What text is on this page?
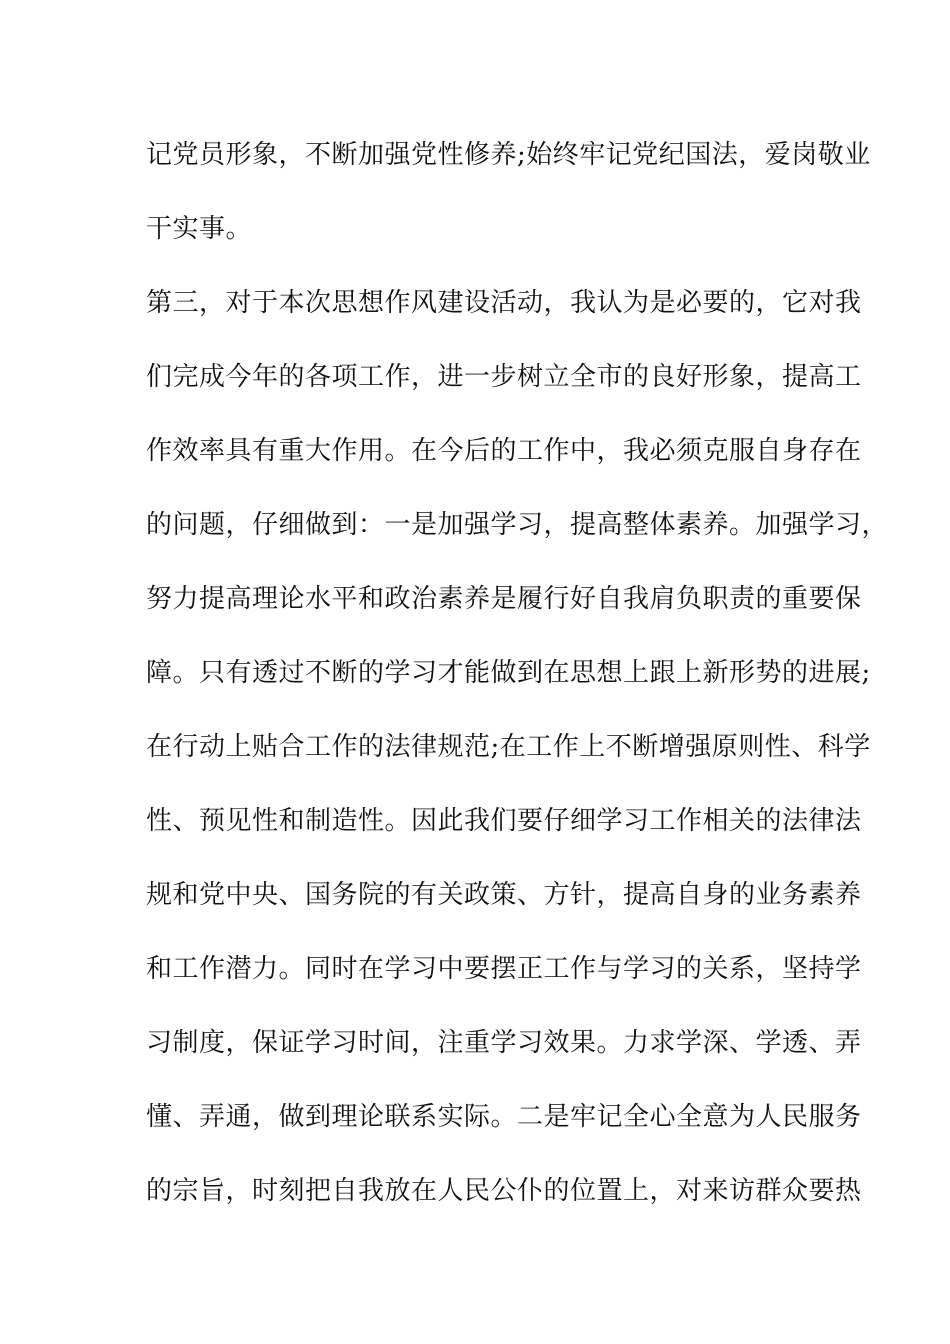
记党员形象，不断加强党性修养;始终牢记党纪国法，爱岗敬业
干实事。
第三，对于本次思想作风建设活动，我认为是必要的，它对我
们完成今年的各项工作，进一步树立全市的良好形象，提高工
作效率具有重大作用。在今后的工作中，我必须克服自身存在
的问题，仔细做到：一是加强学习，提高整体素养。加强学习，
努力提高理论水平和政治素养是履行好自我肩负职责的重要保
障。只有透过不断的学习才能做到在思想上跟上新形势的进展;
在行动上贴合工作的法律规范;在工作上不断增强原则性、科学
性、预见性和制造性。因此我们要仔细学习工作相关的法律法
规和党中央、国务院的有关政策、方针，提高自身的业务素养
和工作潜力。同时在学习中要摆正工作与学习的关系，坚持学
习制度，保证学习时间，注重学习效果。力求学深、学透、弄
懂、弄通，做到理论联系实际。二是牢记全心全意为人民服务
的宗旨，时刻把自我放在人民公仆的位置上，对来访群众要热
